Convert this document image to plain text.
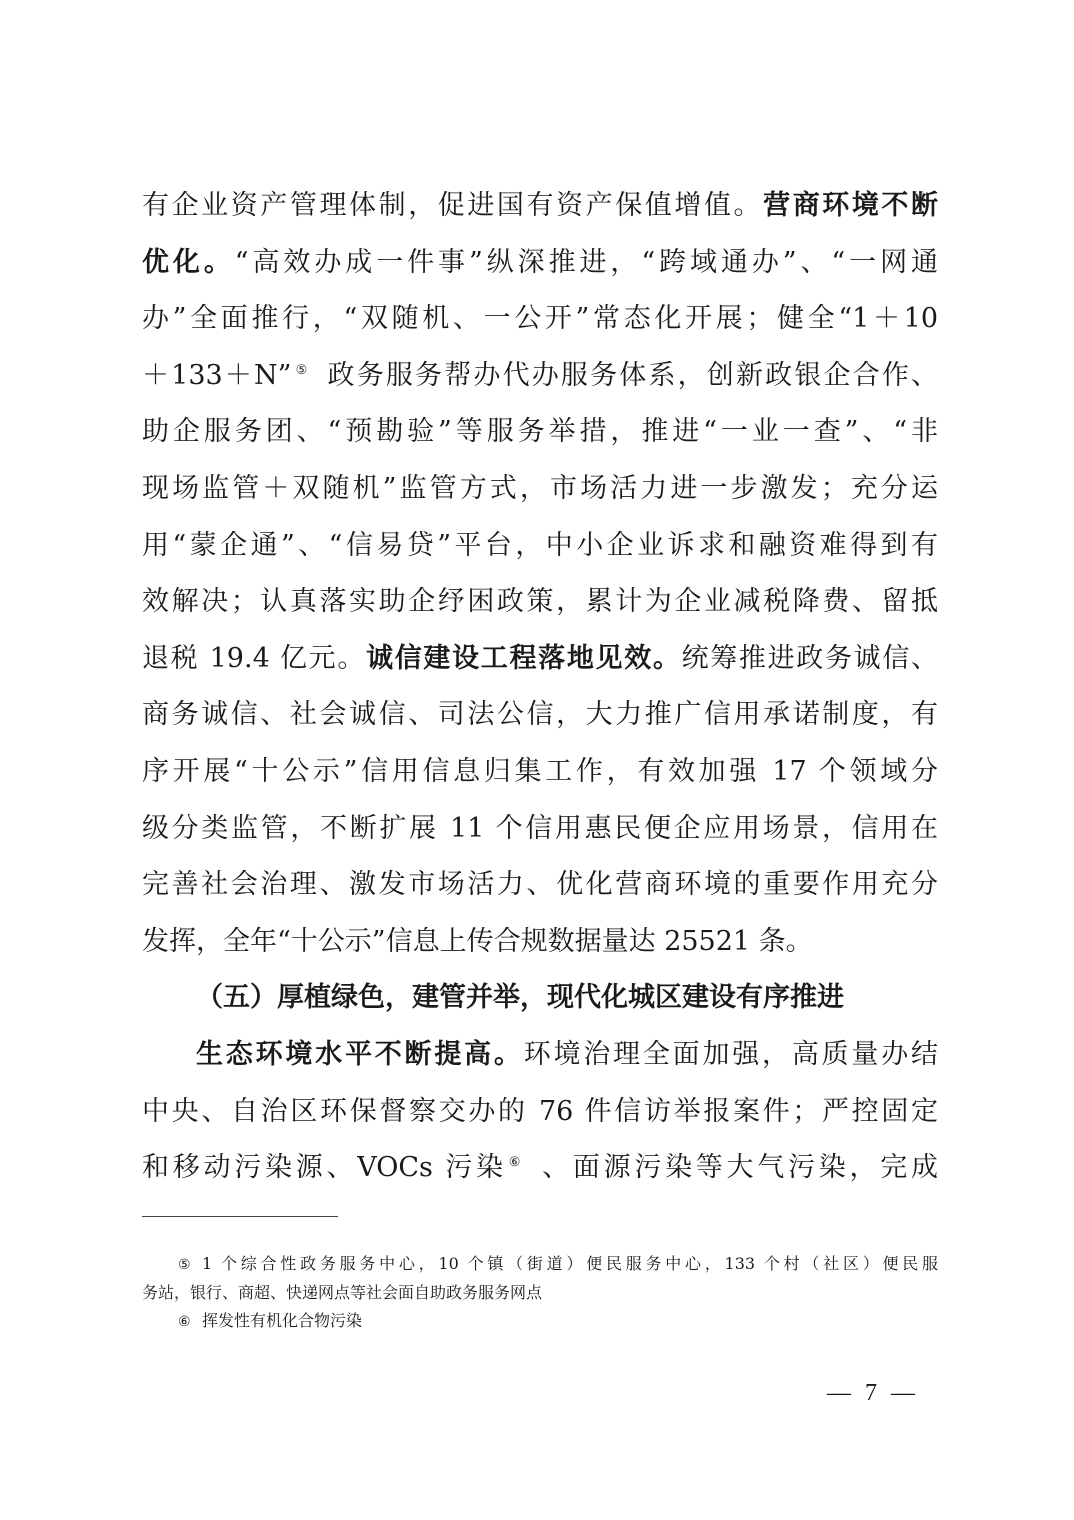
有企业资产管理体制，促进国有资产保值增值。营商环境不断
优化。“高效办成一件事”纵深推进，“跨域通办”、“一网通
办”全面推行，“双随机、一公开”常态化开展；健全“1＋10
＋133＋N” ⑤ 政务服务帮办代办服务体系，创新政银企合作、
助企服务团、“预勘验”等服务举措，推进“一业一查”、“非
现场监管＋双随机”监管方式，市场活力进一步激发；充分运
用“蒙企通”、“信易贷”平台，中小企业诉求和融资难得到有
效解决；认真落实助企纾困政策，累计为企业减税降费、留抵
退税 19.4 亿元。诚信建设工程落地见效。统筹推进政务诚信、
商务诚信、社会诚信、司法公信，大力推广信用承诺制度，有
序开展“十公示”信用信息归集工作，有效加强 17 个领域分
级分类监管，不断扩展 11 个信用惠民便企应用场景，信用在
完善社会治理、激发市场活力、优化营商环境的重要作用充分
发挥，全年“十公示”信息上传合规数据量达 25521 条。
（五）厚植绿色，建管并举，现代化城区建设有序推进
生态环境水平不断提高。环境治理全面加强，高质量办结
中央、自治区环保督察交办的 76 件信访举报案件；严控固定
和移动污染源、VOCs 污染 ⑥ 、面源污染等大气污染，完成
⑤ 1 个综合性政务服务中心，10 个镇（街道）便民服务中心，133 个村（社区）便民服
务站，银行、商超、快递网点等社会面自助政务服务网点
⑥ 挥发性有机化合物污染
— 7 —
